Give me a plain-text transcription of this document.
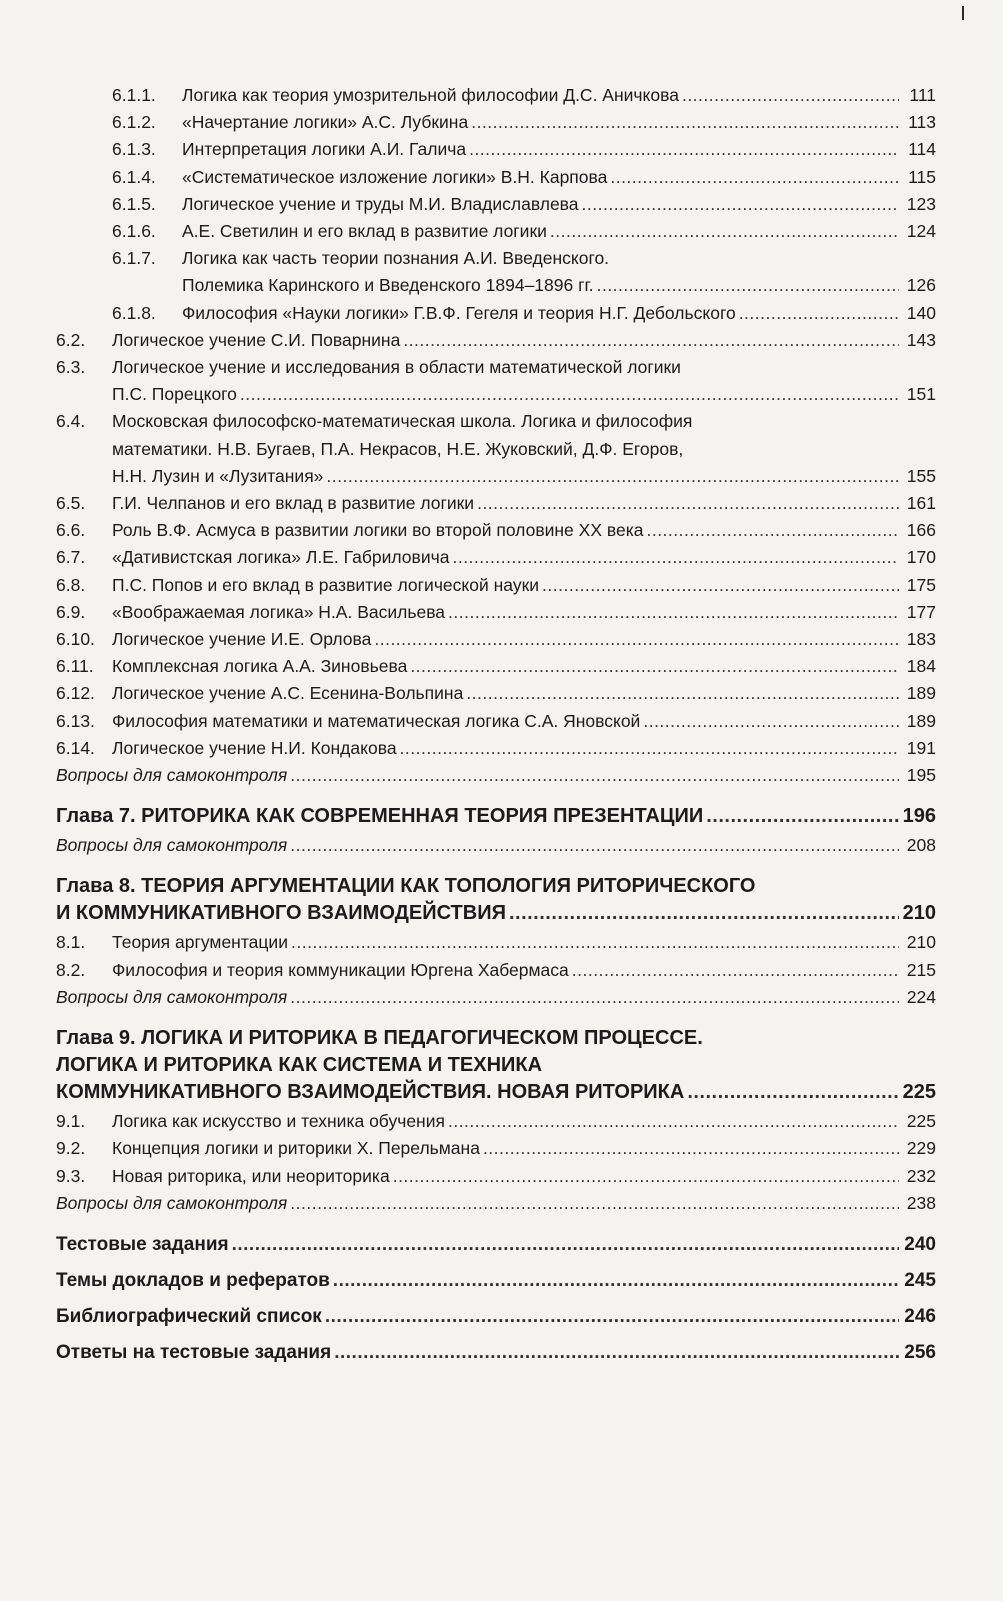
6.1.1.	Логика как теория умозрительной философии Д.С. Аничкова .....	111
6.1.2.	«Начертание логики» А.С. Лубкина .....	113
6.1.3.	Интерпретация логики А.И. Галича .....	114
6.1.4.	«Систематическое изложение логики» В.Н. Карпова .....	115
6.1.5.	Логическое учение и труды М.И. Владиславлева .....	123
6.1.6.	А.Е. Светилин и его вклад в развитие логики .....	124
6.1.7.	Логика как часть теории познания А.И. Введенского.
Полемика Каринского и Введенского 1894–1896 гг. .....	126
6.1.8.	Философия «Науки логики» Г.В.Ф. Гегеля и теория Н.Г. Дебольского .....	140
6.2.	Логическое учение С.И. Поварнина .....	143
6.3.	Логическое учение и исследования в области математической логики
П.С. Порецкого .....	151
6.4.	Московская философско-математическая школа. Логика и философия
математики. Н.В. Бугаев, П.А. Некрасов, Н.Е. Жуковский, Д.Ф. Егоров,
Н.Н. Лузин и «Лузитания» .....	155
6.5.	Г.И. Челпанов и его вклад в развитие логики .....	161
6.6.	Роль В.Ф. Асмуса в развитии логики во второй половине XX века .....	166
6.7.	«Дативистская логика» Л.Е. Габриловича .....	170
6.8.	П.С. Попов и его вклад в развитие логической науки .....	175
6.9.	«Воображаемая логика» Н.А. Васильева .....	177
6.10. Логическое учение И.Е. Орлова .....	183
6.11.	Комплексная логика А.А. Зиновьева .....	184
6.12. Логическое учение А.С. Есенина-Вольпина .....	189
6.13. Философия математики и математическая логика С.А. Яновской .....	189
6.14. Логическое учение Н.И. Кондакова .....	191
Вопросы для самоконтроля .....	195
Глава 7. РИТОРИКА КАК СОВРЕМЕННАЯ ТЕОРИЯ ПРЕЗЕНТАЦИИ .....	196
Вопросы для самоконтроля .....	208
Глава 8. ТЕОРИЯ АРГУМЕНТАЦИИ КАК ТОПОЛОГИЯ РИТОРИЧЕСКОГО
И КОММУНИКАТИВНОГО ВЗАИМОДЕЙСТВИЯ .....	210
8.1.	Теория аргументации .....	210
8.2.	Философия и теория коммуникации Юргена Хабермаса .....	215
Вопросы для самоконтроля .....	224
Глава 9. ЛОГИКА И РИТОРИКА В ПЕДАГОГИЧЕСКОМ ПРОЦЕССЕ.
ЛОГИКА И РИТОРИКА КАК СИСТЕМА И ТЕХНИКА
КОММУНИКАТИВНОГО ВЗАИМОДЕЙСТВИЯ. НОВАЯ РИТОРИКА .....	225
9.1.	Логика как искусство и техника обучения .....	225
9.2.	Концепция логики и риторики Х. Перельмана .....	229
9.3.	Новая риторика, или неориторика .....	232
Вопросы для самоконтроля .....	238
Тестовые задания .....	240
Темы докладов и рефератов .....	245
Библиографический список .....	246
Ответы на тестовые задания .....	256
